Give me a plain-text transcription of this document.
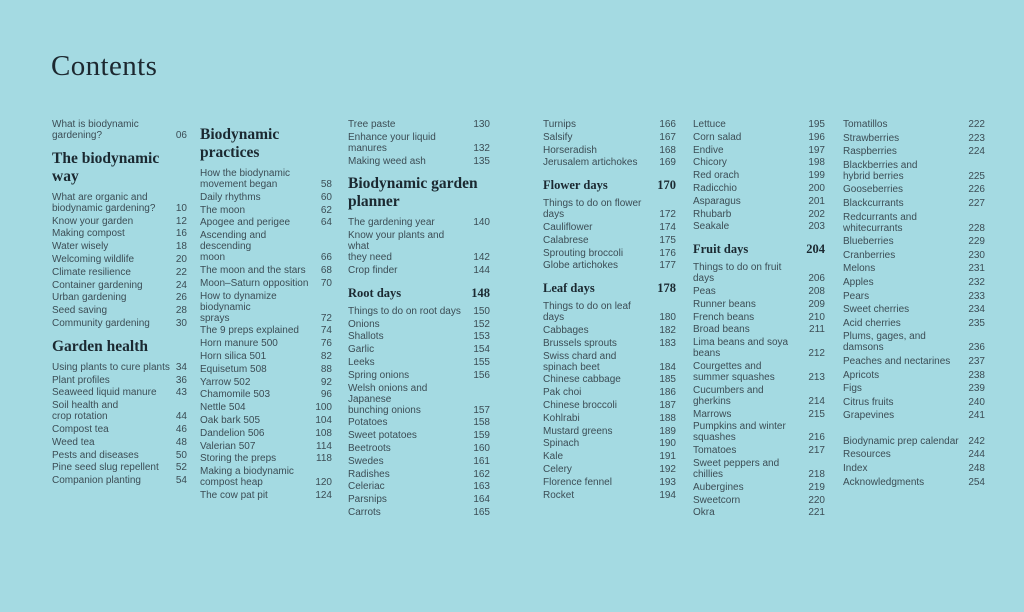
Contents
What is biodynamic
gardening?	06
The biodynamic
way
What are organic and
biodynamic gardening? 10
Know your garden	12
Making compost	16
Water wisely	18
Welcoming wildlife	20
Climate resilience	22
Container gardening	24
Urban gardening	26
Seed saving	28
Community gardening	30
Garden health
Using plants to cure plants 34
Plant profiles	36
Seaweed liquid manure 43
Soil health and
crop rotation	44
Compost tea	46
Weed tea	48
Pests and diseases	50
Pine seed slug repellent 52
Companion planting	54
Biodynamic
practices
How the biodynamic
movement began	58
Daily rhythms	60
The moon	62
Apogee and perigee	64
Ascending and descending
moon	66
The moon and the stars 68
Moon–Saturn opposition 70
How to dynamize biodynamic
sprays	72
The 9 preps explained 74
Horn manure 500	76
Horn silica 501	82
Equisetum 508	88
Yarrow 502	92
Chamomile 503	96
Nettle 504	100
Oak bark 505	104
Dandelion 506	108
Valerian 507	114
Storing the preps	118
Making a biodynamic
compost heap	120
The cow pat pit	124
Tree paste	130
Enhance your liquid manures	132
Making weed ash	135
Biodynamic garden
planner
The gardening year	140
Know your plants and what
they need	142
Crop finder	144
Root days	148
Things to do on root days 150
Onions	152
Shallots	153
Garlic	154
Leeks	155
Spring onions	156
Welsh onions and Japanese
bunching onions	157
Potatoes	158
Sweet potatoes	159
Beetroots	160
Swedes	161
Radishes	162
Celeriac	163
Parsnips	164
Carrots	165
Turnips	166
Salsify	167
Horseradish	168
Jerusalem artichokes 169
Flower days	170
Things to do on flower days	172
Cauliflower	174
Calabrese	175
Sprouting broccoli	176
Globe artichokes	177
Leaf days	178
Things to do on leaf days	180
Cabbages	182
Brussels sprouts	183
Swiss chard and
spinach beet	184
Chinese cabbage	185
Pak choi	186
Chinese broccoli	187
Kohlrabi	188
Mustard greens	189
Spinach	190
Kale	191
Celery	192
Florence fennel	193
Rocket	194
Lettuce	195
Corn salad	196
Endive	197
Chicory	198
Red orach	199
Radicchio	200
Asparagus	201
Rhubarb	202
Seakale	203
Fruit days	204
Things to do on fruit days	206
Peas	208
Runner beans	209
French beans	210
Broad beans	211
Lima beans and soya beans	212
Courgettes and
summer squashes	213
Cucumbers and gherkins	214
Marrows	215
Pumpkins and winter
squashes	216
Tomatoes	217
Sweet peppers and chillies	218
Aubergines	219
Sweetcorn	220
Okra	221
Tomatillos	222
Strawberries	223
Raspberries	224
Blackberries and
hybrid berries	225
Gooseberries	226
Blackcurrants	227
Redcurrants and
whitecurrants	228
Blueberries	229
Cranberries	230
Melons	231
Apples	232
Pears	233
Sweet cherries	234
Acid cherries	235
Plums, gages, and damsons	236
Peaches and nectarines 237
Apricots	238
Figs	239
Citrus fruits	240
Grapevines	241
Biodynamic prep calendar 242
Resources	244
Index	248
Acknowledgments	254
